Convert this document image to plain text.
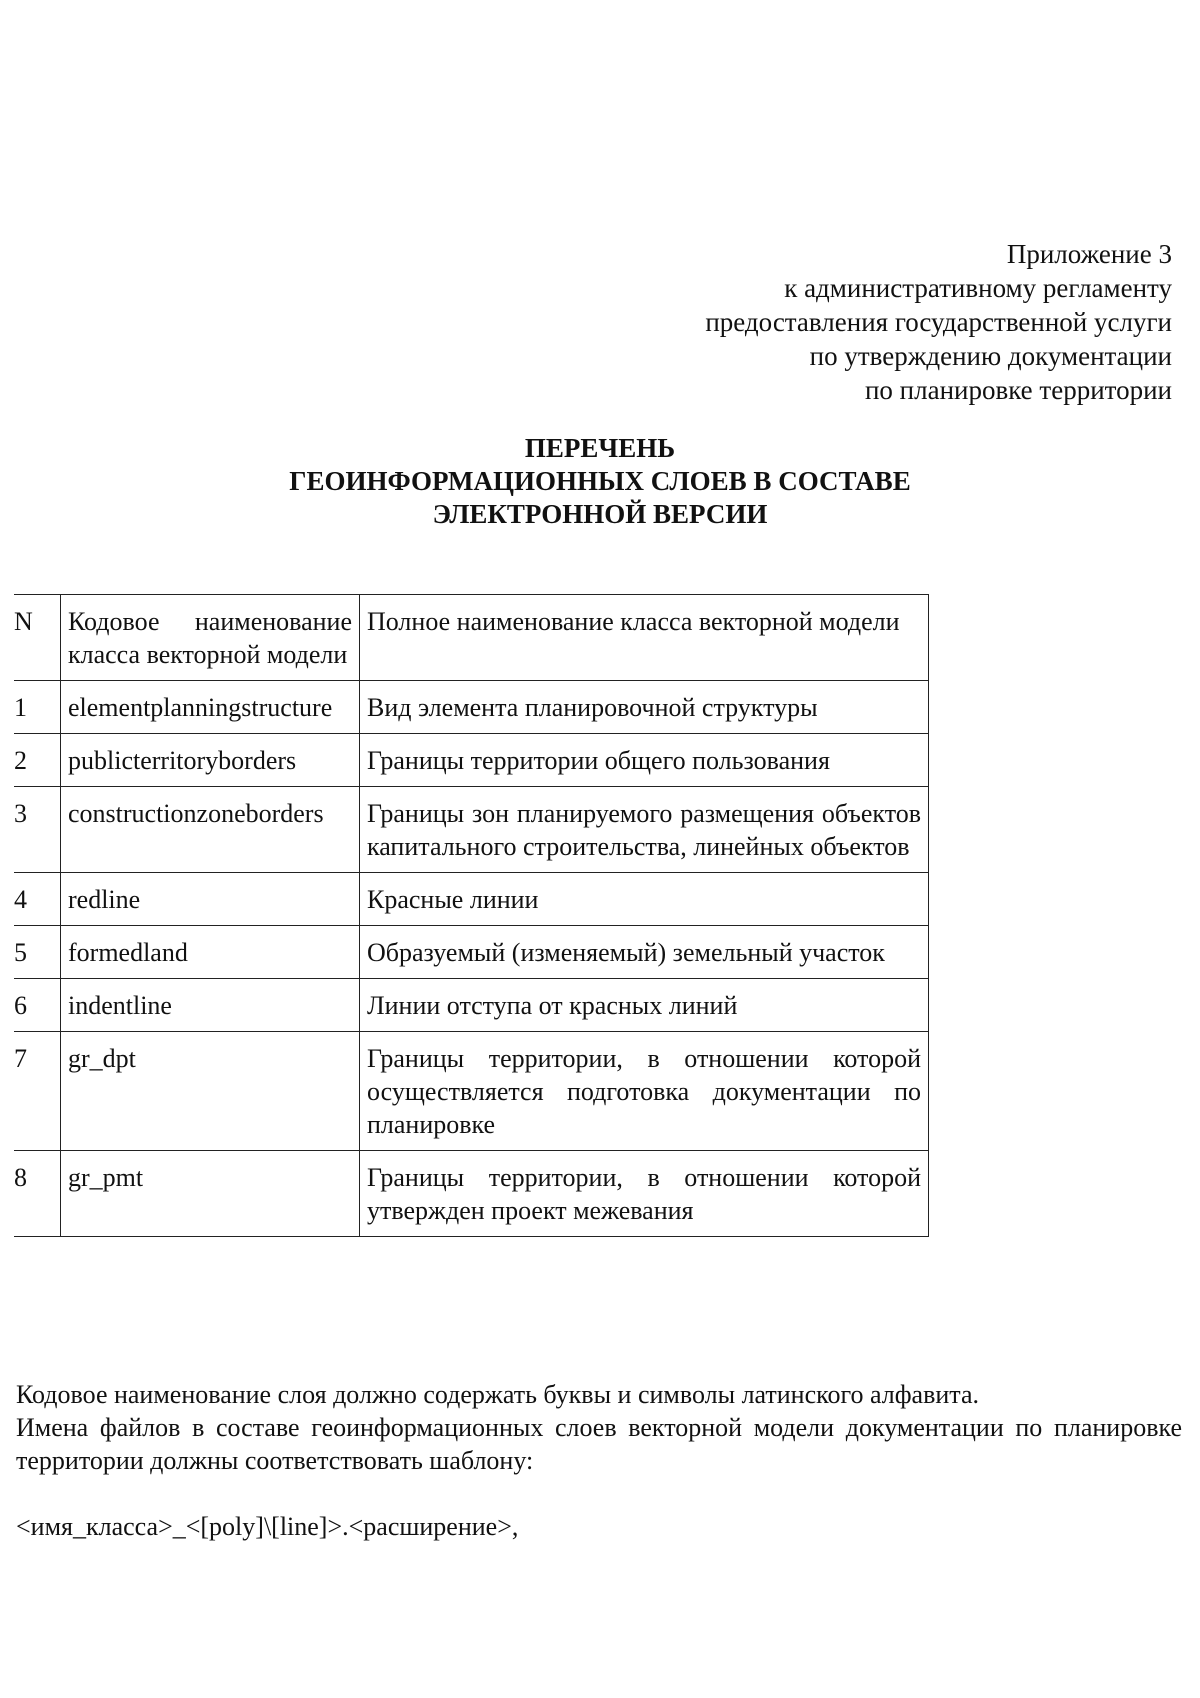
Приложение 3
к административному регламенту
предоставления государственной услуги
по утверждению документации
по планировке территории
ПЕРЕЧЕНЬ
ГЕОИНФОРМАЦИОННЫХ СЛОЕВ В СОСТАВЕ
ЭЛЕКТРОННОЙ ВЕРСИИ
N	Кодовое наименование класса векторной модели	Полное наименование класса векторной модели
1	elementplanningstructure	Вид элемента планировочной структуры
2	publicterritoryborders	Границы территории общего пользования
3	constructionzoneborders	Границы зон планируемого размещения объектов капитального строительства, линейных объектов
4	redline	Красные линии
5	formedland	Образуемый (изменяемый) земельный участок
6	indentline	Линии отступа от красных линий
7	gr_dpt	Границы территории, в отношении которой осуществляется подготовка документации по планировке
8	gr_pmt	Границы территории, в отношении которой утвержден проект межевания

Кодовое наименование слоя должно содержать буквы и символы латинского алфавита.

Имена файлов в составе геоинформационных слоев векторной модели документации по планировке территории должны соответствовать шаблону:

<имя_класса>_<[poly]\[line]>.<расширение>,
